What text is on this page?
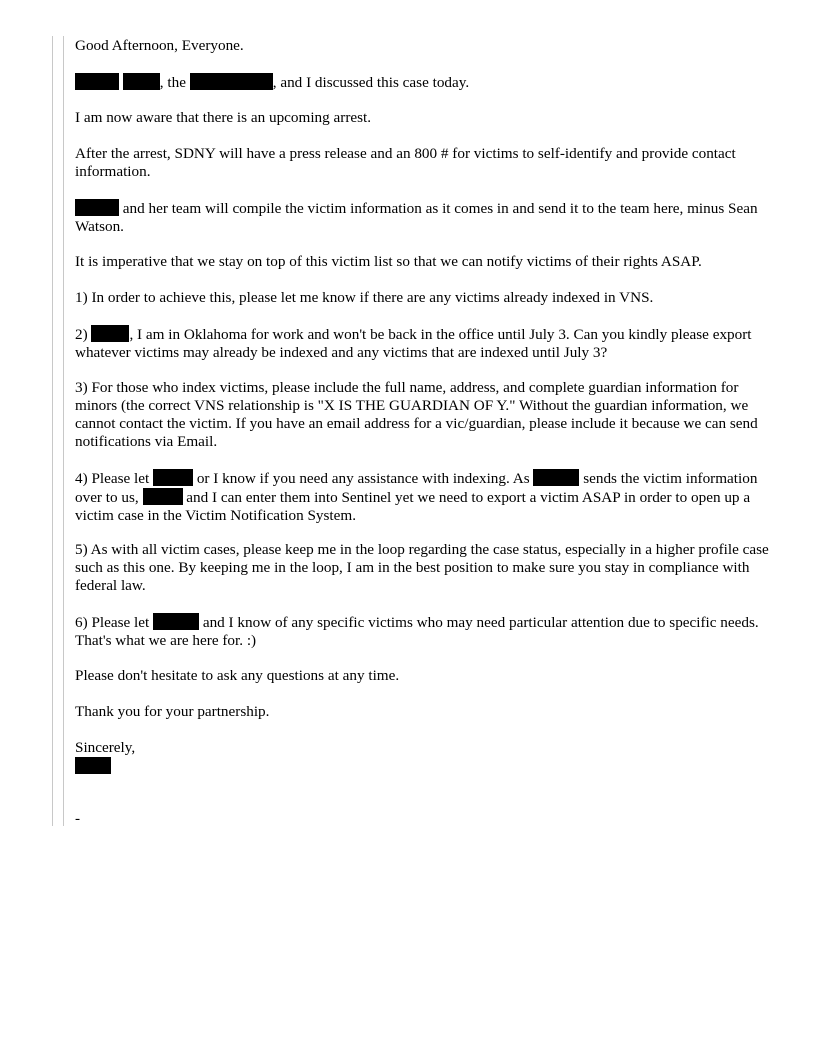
Good Afternoon, Everyone.

, the	, and I discussed this case today.

I am now aware that there is an upcoming arrest.

After the arrest, SDNY will have a press release and an 800 # for victims to self-identify and provide contact information.

and her team will compile the victim information as it comes in and send it to the team here, minus Sean Watson.

It is imperative that we stay on top of this victim list so that we can notify victims of their rights ASAP.

1) In order to achieve this, please let me know if there are any victims already indexed in VNS.

2)	, I am in Oklahoma for work and won't be back in the office until July 3. Can you kindly please export whatever victims may already be indexed and any victims that are indexed until July 3?

3) For those who index victims, please include the full name, address, and complete guardian information for minors (the correct VNS relationship is "X IS THE GUARDIAN OF Y." Without the guardian information, we cannot contact the victim. If you have an email address for a vic/guardian, please include it because we can send notifications via Email.

4) Please let	or I know if you need any assistance with indexing. As	sends the victim information over to us,	and I can enter them into Sentinel yet we need to export a victim ASAP in order to open up a victim case in the Victim Notification System.

5) As with all victim cases, please keep me in the loop regarding the case status, especially in a higher profile case such as this one. By keeping me in the loop, I am in the best position to make sure you stay in compliance with federal law.

6) Please let	and I know of any specific victims who may need particular attention due to specific needs. That's what we are here for. :)

Please don't hesitate to ask any questions at any time.

Thank you for your partnership.

Sincerely,

-
